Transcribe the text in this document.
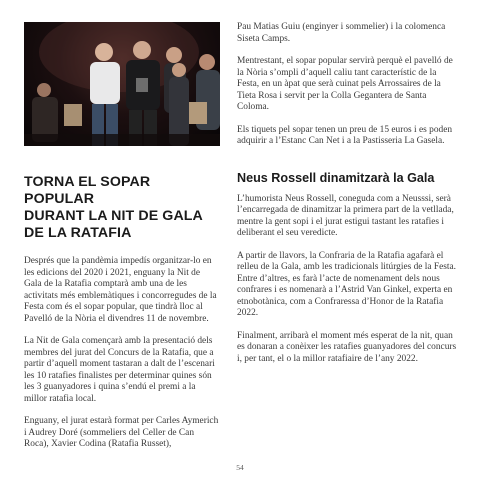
TORNA EL SOPAR POPULAR
DURANT LA NIT DE GALA
DE LA RATAFIA

Després que la pandèmia impedís organitzar-lo en les edicions del 2020 i 2021, enguany la Nit de Gala de la Ratafia comptarà amb una de les activitats més emblemàtiques i concorregudes de la Festa com és el sopar popular, que tindrà lloc al Pavelló de la Nòria el divendres 11 de novembre.

La Nit de Gala començarà amb la presentació dels membres del jurat del Concurs de la Ratafia, que a partir d’aquell moment tastaran a dalt de l’escenari les 10 ratafies finalistes per determinar quines són les 3 guanyadores i quina s’endú el premi a la millor ratafia local.

Enguany, el jurat estarà format per Carles Aymerich i Audrey Doré (sommeliers del Celler de Can Roca), Xavier Codina (Ratafia Russet),

Pau Matias Guiu (enginyer i sommelier) i la colomenca Siseta Camps.

Mentrestant, el sopar popular servirà perquè el pavelló de la Nòria s’ompli d’aquell caliu tant característic de la Festa, en un àpat que serà cuinat pels Arrossaires de la Tieta Rosa i servit per la Colla Gegantera de Santa Coloma.

Els tiquets pel sopar tenen un preu de 15 euros i es poden adquirir a l’Estanc Can Net i a la Pastisseria La Gasela.

Neus Rossell dinamitzarà la Gala

L’humorista Neus Rossell, coneguda com a Neusssi, serà l’encarregada de dinamitzar la primera part de la vetllada, mentre la gent sopi i el jurat estigui tastant les ratafies i deliberant el seu veredicte.

A partir de llavors, la Confraria de la Ratafia agafarà el relleu de la Gala, amb les tradicionals litúrgies de la Festa. Entre d’altres, es farà l’acte de nomenament dels nous confrares i es nomenarà a l’Astrid Van Ginkel, experta en etnobotànica, com a Confraressa d’Honor de la Ratafia 2022.

Finalment, arribarà el moment més esperat de la nit, quan es donaran a conèixer les ratafies guanyadores del concurs i, per tant, el o la millor ratafiaire de l’any 2022.

54
